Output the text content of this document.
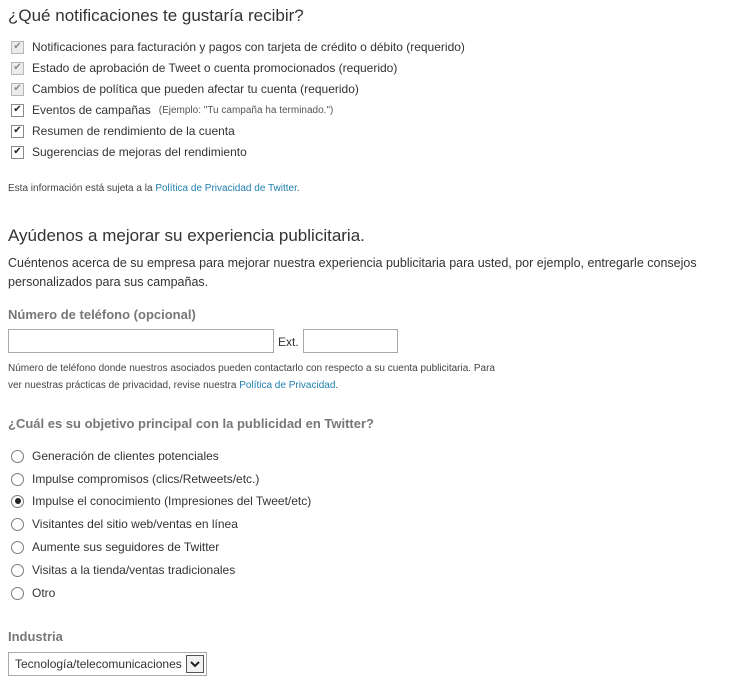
¿Qué notificaciones te gustaría recibir?
✔ Notificaciones para facturación y pagos con tarjeta de crédito o débito (requerido)
✔ Estado de aprobación de Tweet o cuenta promocionados (requerido)
✔ Cambios de política que pueden afectar tu cuenta (requerido)
✔ Eventos de campañas (Ejemplo: "Tu campaña ha terminado.")
✔ Resumen de rendimiento de la cuenta
✔ Sugerencias de mejoras del rendimiento
Esta información está sujeta a la Política de Privacidad de Twitter.
Ayúdenos a mejorar su experiencia publicitaria.
Cuéntenos acerca de su empresa para mejorar nuestra experiencia publicitaria para usted, por ejemplo, entregarle consejos personalizados para sus campañas.
Número de teléfono (opcional)
Ext.
Número de teléfono donde nuestros asociados pueden contactarlo con respecto a su cuenta publicitaria. Para
ver nuestras prácticas de privacidad, revise nuestra Política de Privacidad.
¿Cuál es su objetivo principal con la publicidad en Twitter?
Generación de clientes potenciales
Impulse compromisos (clics/Retweets/etc.)
Impulse el conocimiento (Impresiones del Tweet/etc)
Visitantes del sitio web/ventas en línea
Aumente sus seguidores de Twitter
Visitas a la tienda/ventas tradicionales
Otro
Industria
Tecnología/telecomunicaciones
